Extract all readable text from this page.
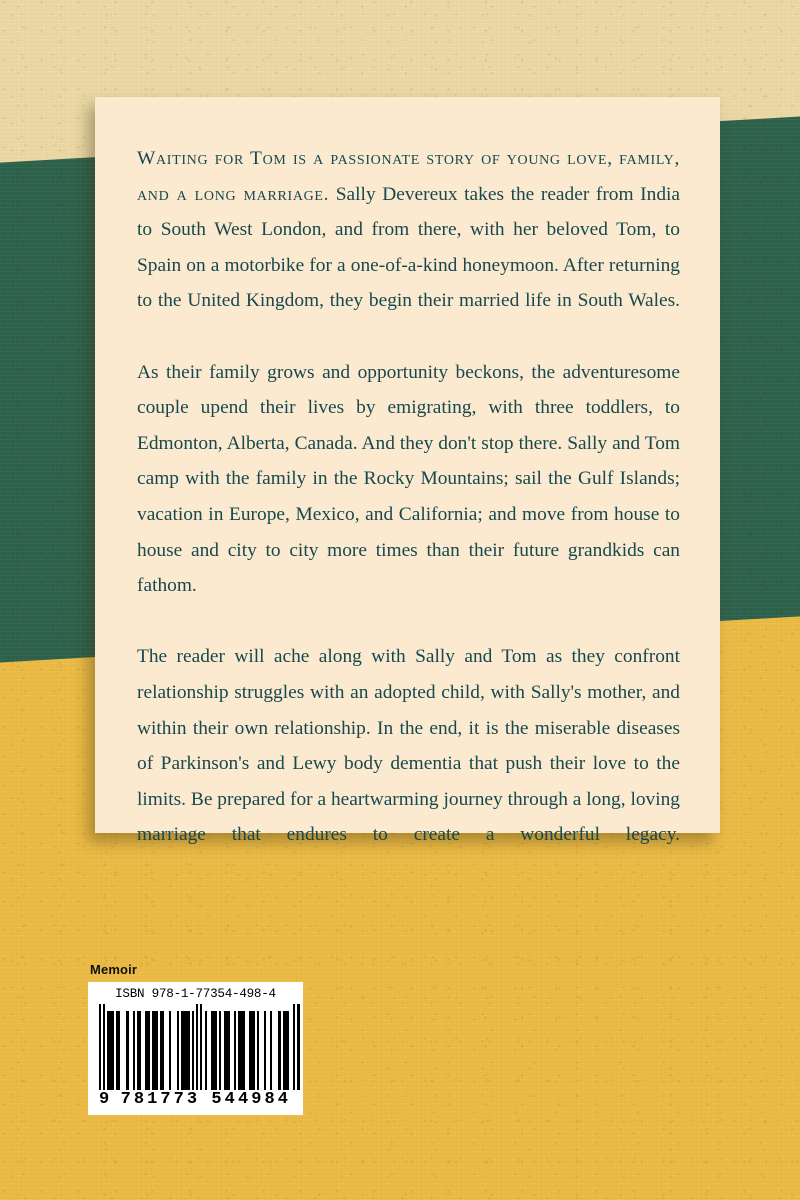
Waiting for Tom is a passionate story of young love, family, and a long marriage. Sally Devereux takes the reader from India to South West London, and from there, with her beloved Tom, to Spain on a motorbike for a one-of-a-kind honeymoon. After returning to the United Kingdom, they begin their married life in South Wales.

As their family grows and opportunity beckons, the adventuresome couple upend their lives by emigrating, with three toddlers, to Edmonton, Alberta, Canada. And they don't stop there. Sally and Tom camp with the family in the Rocky Mountains; sail the Gulf Islands; vacation in Europe, Mexico, and California; and move from house to house and city to city more times than their future grandkids can fathom.

The reader will ache along with Sally and Tom as they confront relationship struggles with an adopted child, with Sally's mother, and within their own relationship. In the end, it is the miserable diseases of Parkinson's and Lewy body dementia that push their love to the limits. Be prepared for a heartwarming journey through a long, loving marriage that endures to create a wonderful legacy.

Memoir
ISBN 978-1-77354-498-4
9 781773 544984
